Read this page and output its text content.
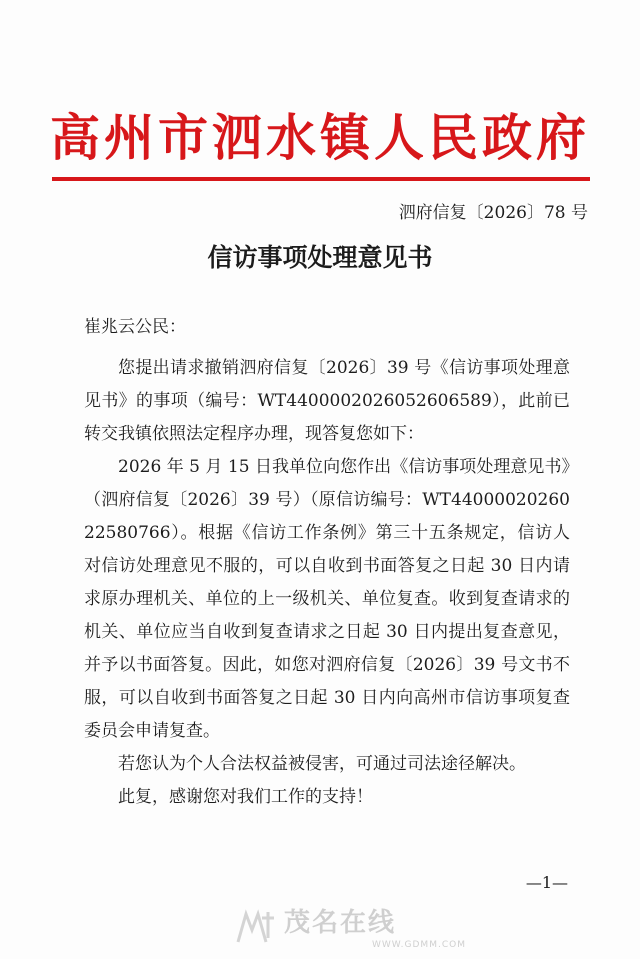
高州市泗水镇人民政府
泗府信复〔2026〕78 号
信访事项处理意见书
崔兆云公民：

您提出请求撤销泗府信复〔2026〕39 号《信访事项处理意见书》的事项（编号：WT4400002026052606589），此前已转交我镇依照法定程序办理，现答复您如下：

2026 年 5 月 15 日我单位向您作出《信访事项处理意见书》（泗府信复〔2026〕39 号）（原信访编号：WT4400002026022580766）。根据《信访工作条例》第三十五条规定，信访人对信访处理意见不服的，可以自收到书面答复之日起 30 日内请求原办理机关、单位的上一级机关、单位复查。收到复查请求的机关、单位应当自收到复查请求之日起 30 日内提出复查意见，并予以书面答复。因此，如您对泗府信复〔2026〕39 号文书不服，可以自收到书面答复之日起 30 日内向高州市信访事项复查委员会申请复查。

若您认为个人合法权益被侵害，可通过司法途径解决。

此复，感谢您对我们工作的支持！

—1—
茂名在线
WWW.GDMM.COM
